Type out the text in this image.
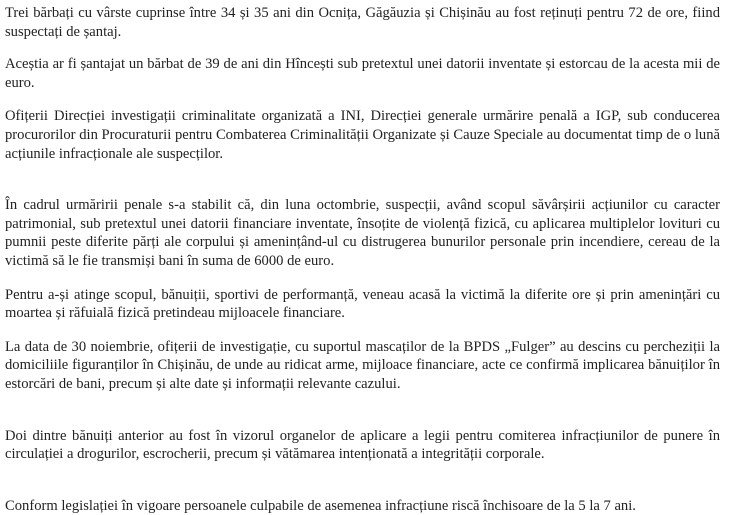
Trei bărbați cu vârste cuprinse între 34 și 35 ani din Ocnița, Găgăuzia și Chișinău au fost reținuți pentru 72 de ore, fiind suspectați de șantaj.

Aceștia ar fi șantajat un bărbat de 39 de ani din Hîncești sub pretextul unei datorii inventate și estorcau de la acesta mii de euro.

Ofițerii Direcției investigații criminalitate organizată a INI, Direcției generale urmărire penală a IGP, sub conducerea procurorilor din Procuraturii pentru Combaterea Criminalității Organizate și Cauze Speciale au documentat timp de o lună acțiunile infracționale ale suspecților.

În cadrul urmăririi penale s-a stabilit că, din luna octombrie, suspecții, având scopul săvârșirii acțiunilor cu caracter patrimonial, sub pretextul unei datorii financiare inventate, însoțite de violență fizică, cu aplicarea multiplelor lovituri cu pumnii peste diferite părți ale corpului și amenințând-ul cu distrugerea bunurilor personale prin incendiere, cereau de la victimă să le fie transmiși bani în suma de 6000 de euro.

Pentru a-și atinge scopul, bănuiții, sportivi de performanță, veneau acasă la victimă la diferite ore și prin amenințări cu moartea și răfuială fizică pretindeau mijloacele financiare.

La data de 30 noiembrie, ofițerii de investigație, cu suportul mascaților de la BPDS „Fulger” au descins cu percheziții la domiciliile figuranților în Chișinău, de unde au ridicat arme, mijloace financiare, acte ce confirmă implicarea bănuiților în estorcări de bani, precum și alte date și informații relevante cazului.

Doi dintre bănuiți anterior au fost în vizorul organelor de aplicare a legii pentru comiterea infracțiunilor de punere în circulației a drogurilor, escrocherii, precum și vătămarea intenționată a integrității corporale.

Conform legislației în vigoare persoanele culpabile de asemenea infracțiune riscă închisoare de la 5 la 7 ani.
